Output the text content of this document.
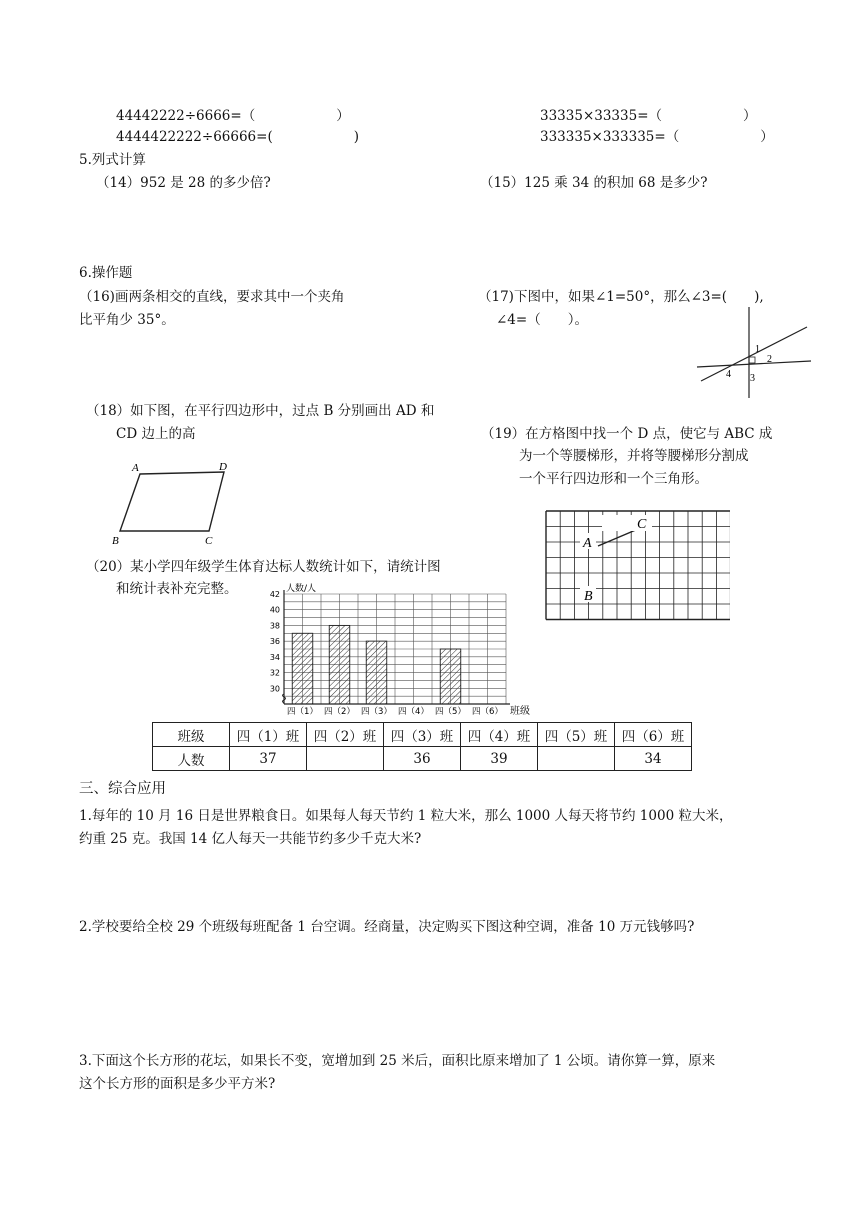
44442222÷6666=（　　　　　　）
4444422222÷66666=(　　　　　　)
33335×33335=（　　　　　　）
333335×333335=（　　　　　　）
5.列式计算
（14）952 是 28 的多少倍?	（15）125 乘 34 的积加 68 是多少?
6.操作题
（16)画两条相交的直线，要求其中一个夹角
比平角少 35°。
（17)下图中，如果∠1=50°，那么∠3=(　　),
∠4=（　　）。
1
2
3
4
（18）如下图，在平行四边形中，过点 B 分别画出 AD 和
CD 边上的高
A	D
B	C
（19）在方格图中找一个 D 点，使它与 ABC 成
为一个等腰梯形，并将等腰梯形分割成
一个平行四边形和一个三角形。
C
A
B
（20）某小学四年级学生体育达标人数统计如下，请统计图
和统计表补充完整。
30
32
34
36
38
40
42
四（1） 四（2） 四（3） 四（4） 四（5） 四（6）
人数/人
班级
班级	四（1）班	四（2）班	四（3）班	四（4）班	四（5）班	四（6）班
人数	37		36	39		34
三、综合应用
1.每年的 10 月 16 日是世界粮食日。如果每人每天节约 1 粒大米，那么 1000 人每天将节约 1000 粒大米，
约重 25 克。我国 14 亿人每天一共能节约多少千克大米?
2.学校要给全校 29 个班级每班配备 1 台空调。经商量，决定购买下图这种空调，准备 10 万元钱够吗?
3.下面这个长方形的花坛，如果长不变，宽增加到 25 米后，面积比原来增加了 1 公顷。请你算一算，原来
这个长方形的面积是多少平方米?
